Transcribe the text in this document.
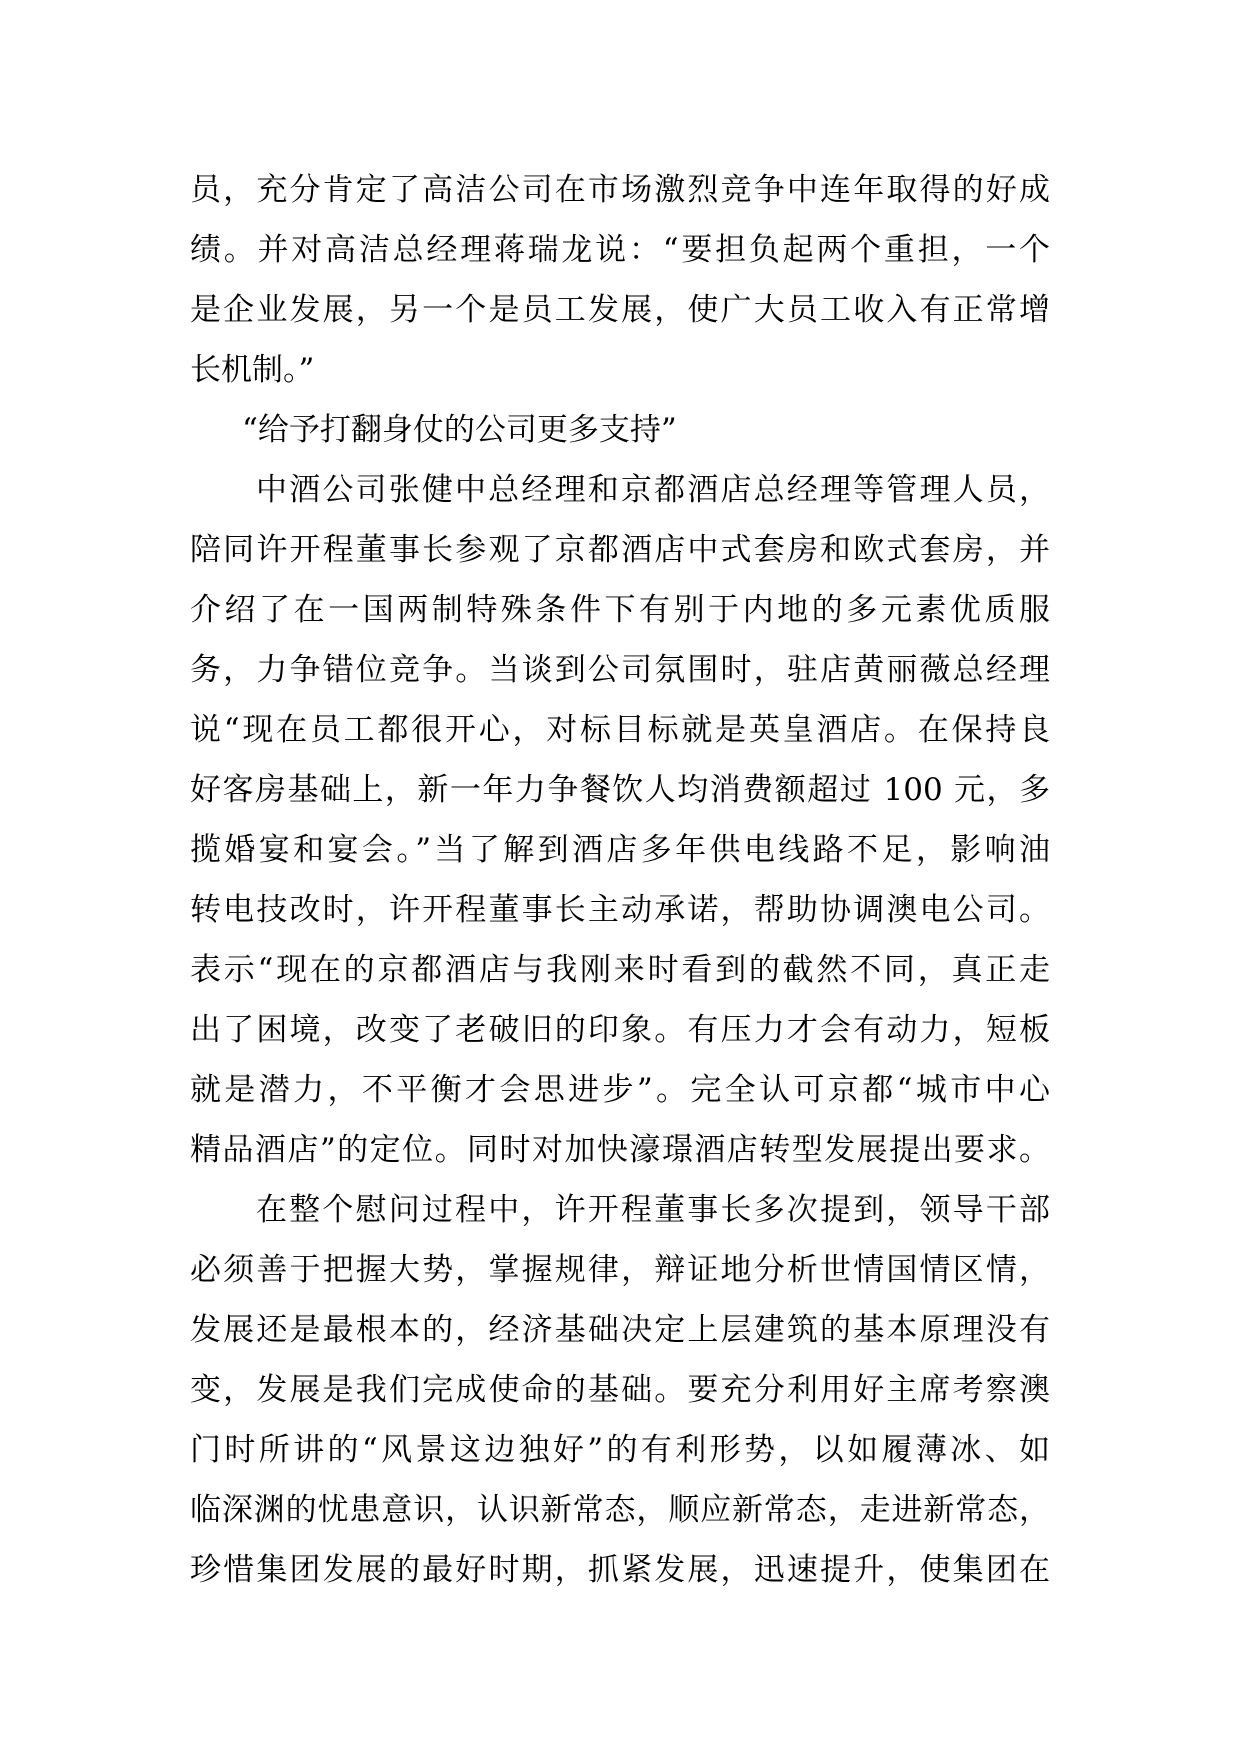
员，充分肯定了高洁公司在市场激烈竞争中连年取得的好成
绩。并对高洁总经理蒋瑞龙说：“要担负起两个重担，一个
是企业发展，另一个是员工发展，使广大员工收入有正常增
长机制。”
“给予打翻身仗的公司更多支持”
中酒公司张健中总经理和京都酒店总经理等管理人员，
陪同许开程董事长参观了京都酒店中式套房和欧式套房，并
介绍了在一国两制特殊条件下有别于内地的多元素优质服
务，力争错位竞争。当谈到公司氛围时，驻店黄丽薇总经理
说“现在员工都很开心，对标目标就是英皇酒店。在保持良
好客房基础上，新一年力争餐饮人均消费额超过 100 元，多
揽婚宴和宴会。”当了解到酒店多年供电线路不足，影响油
转电技改时，许开程董事长主动承诺，帮助协调澳电公司。
表示“现在的京都酒店与我刚来时看到的截然不同，真正走
出了困境，改变了老破旧的印象。有压力才会有动力，短板
就是潜力，不平衡才会思进步”。完全认可京都“城市中心
精品酒店”的定位。同时对加快濠璟酒店转型发展提出要求。
在整个慰问过程中，许开程董事长多次提到，领导干部
必须善于把握大势，掌握规律，辩证地分析世情国情区情，
发展还是最根本的，经济基础决定上层建筑的基本原理没有
变，发展是我们完成使命的基础。要充分利用好主席考察澳
门时所讲的“风景这边独好”的有利形势，以如履薄冰、如
临深渊的忧患意识，认识新常态，顺应新常态，走进新常态，
珍惜集团发展的最好时期，抓紧发展，迅速提升，使集团在
